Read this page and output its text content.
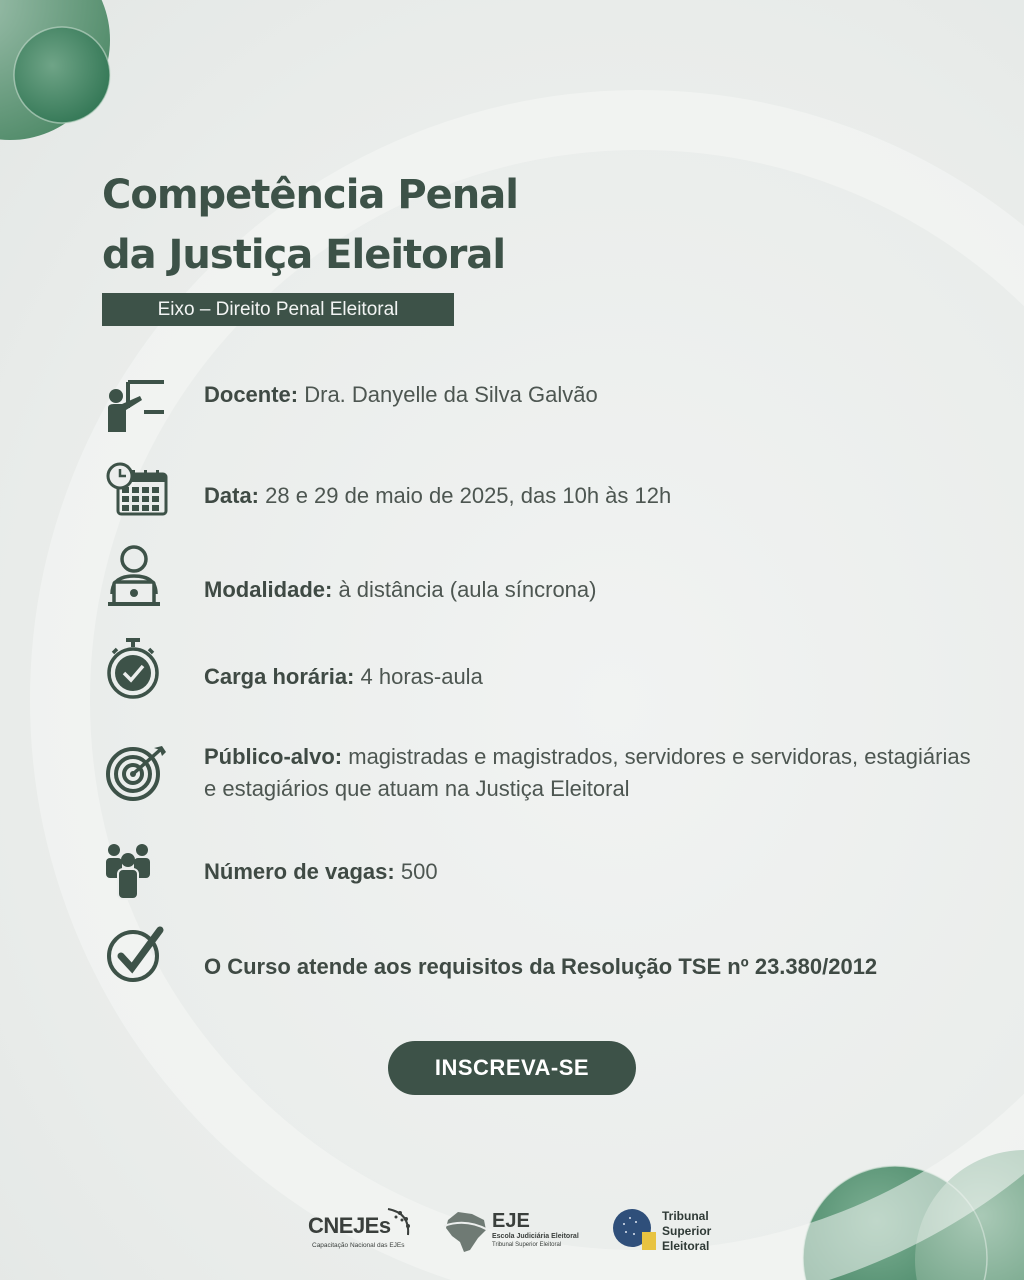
Competência Penal
da Justiça Eleitoral
Eixo – Direito Penal Eleitoral
Docente: Dra. Danyelle da Silva Galvão
Data: 28 e 29 de maio de 2025, das 10h às 12h
Modalidade: à distância (aula síncrona)
Carga horária: 4 horas-aula
Público-alvo: magistradas e magistrados, servidores e servidoras, estagiárias e estagiários que atuam na Justiça Eleitoral
Número de vagas: 500
O Curso atende aos requisitos da Resolução TSE nº 23.380/2012
INSCREVA-SE
CNEJEs
Capacitação Nacional das EJEs
EJE
Escola Judiciária Eleitoral
Tribunal Superior Eleitoral
Tribunal
Superior
Eleitoral
